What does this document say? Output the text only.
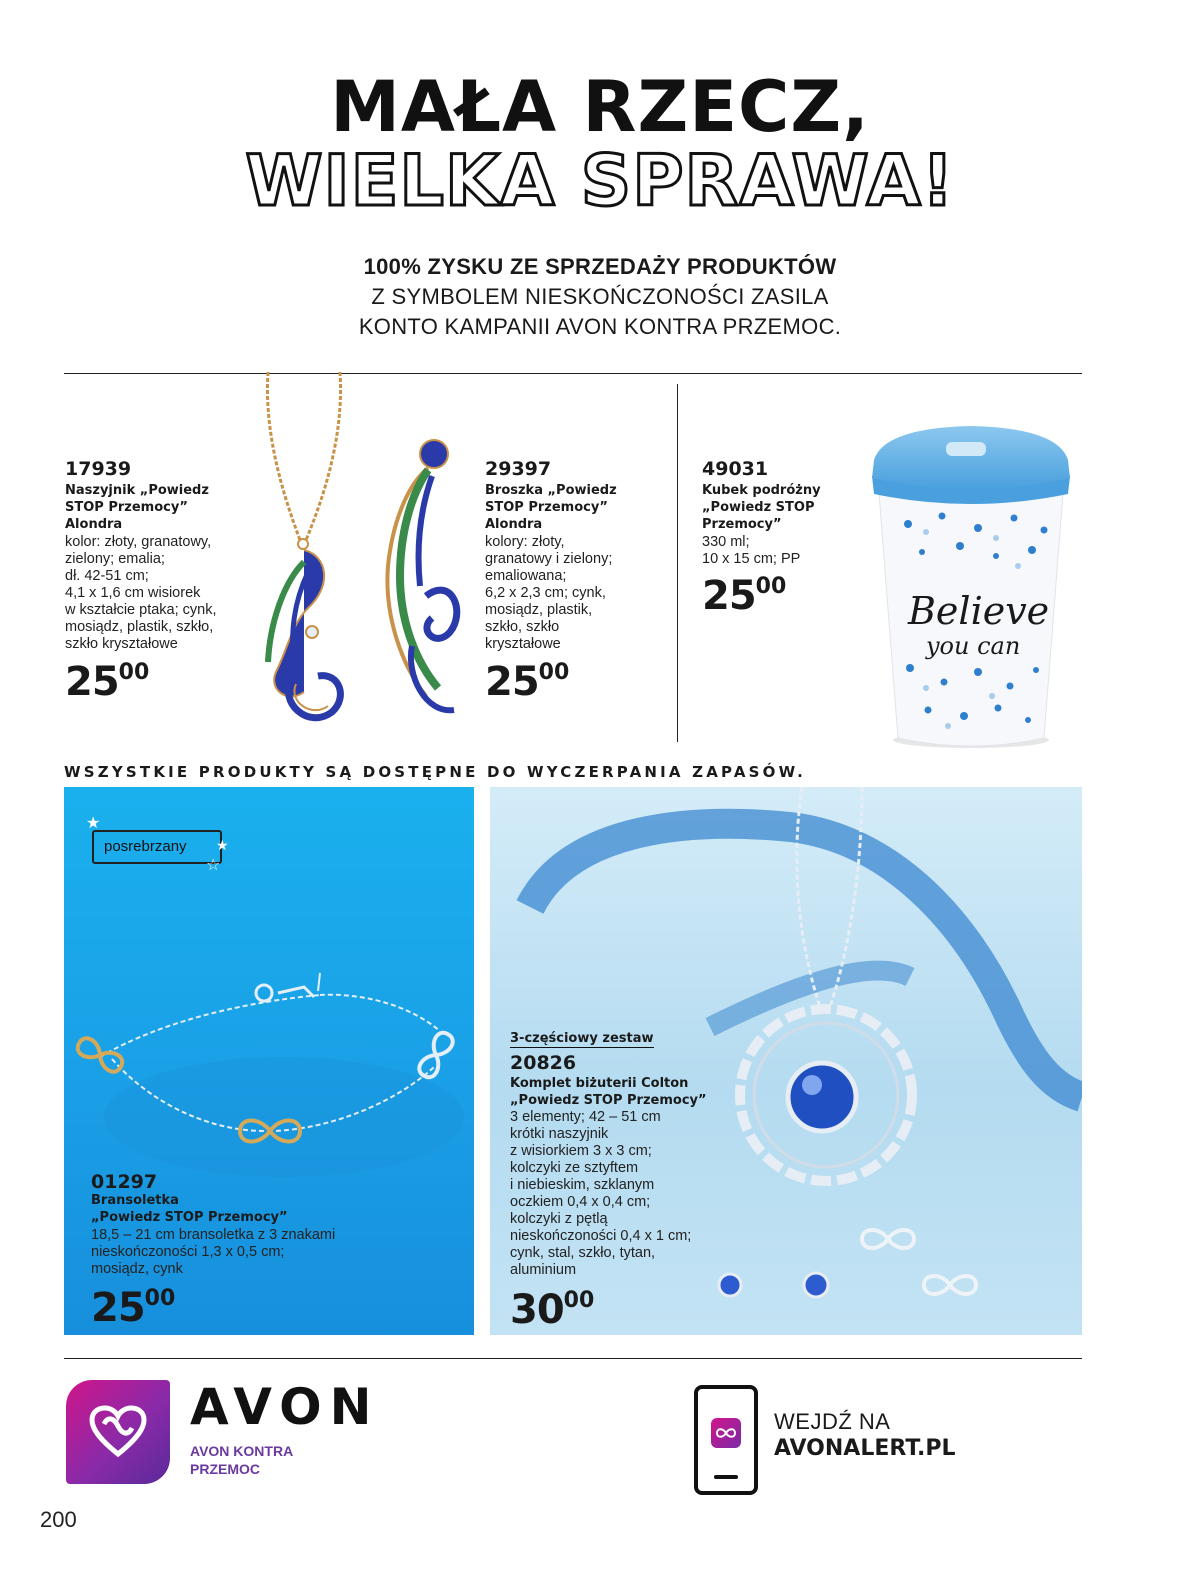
MAŁA RZECZ,
WIELKA SPRAWA!
100% ZYSKU ZE SPRZEDAŻY PRODUKTÓW
Z SYMBOLEM NIESKOŃCZONOŚCI ZASILA
KONTO KAMPANII AVON KONTRA PRZEMOC.
17939
Naszyjnik „Powiedz
STOP Przemocy”
Alondra
kolor: złoty, granatowy,
zielony; emalia;
dł. 42-51 cm;
4,1 x 1,6 cm wisiorek
w kształcie ptaka; cynk,
mosiądz, plastik, szkło,
szkło kryształowe
$25^{00}$
29397
Broszka „Powiedz
STOP Przemocy”
Alondra
kolory: złoty,
granatowy i zielony;
emaliowana;
6,2 x 2,3 cm; cynk,
mosiądz, plastik,
szkło, szkło
kryształowe
$25^{00}$
49031
Kubek podróżny
„Powiedz STOP
Przemocy”
330 ml;
10 x 15 cm; PP
$25^{00}$
Believe
you can
WSZYSTKIE PRODUKTY SĄ DOSTĘPNE DO WYCZERPANIA ZAPASÓW.
posrebrzany
★
★
☆
01297
Bransoletka
„Powiedz STOP Przemocy”
18,5 – 21 cm bransoletka z 3 znakami
nieskończoności 1,3 x 0,5 cm;
mosiądz, cynk
$25^{00}$
3-częściowy zestaw
20826
Komplet biżuterii Colton
„Powiedz STOP Przemocy”
3 elementy; 42 – 51 cm
krótki naszyjnik
z wisiorkiem 3 x 3 cm;
kolczyki ze sztyftem
i niebieskim, szklanym
oczkiem 0,4 x 0,4 cm;
kolczyki z pętlą
nieskończoności 0,4 x 1 cm;
cynk, stal, szkło, tytan,
aluminium
$30^{00}$
AVON
AVON KONTRA
PRZEMOC
WEJDŹ NA
AVONALERT.PL
200
